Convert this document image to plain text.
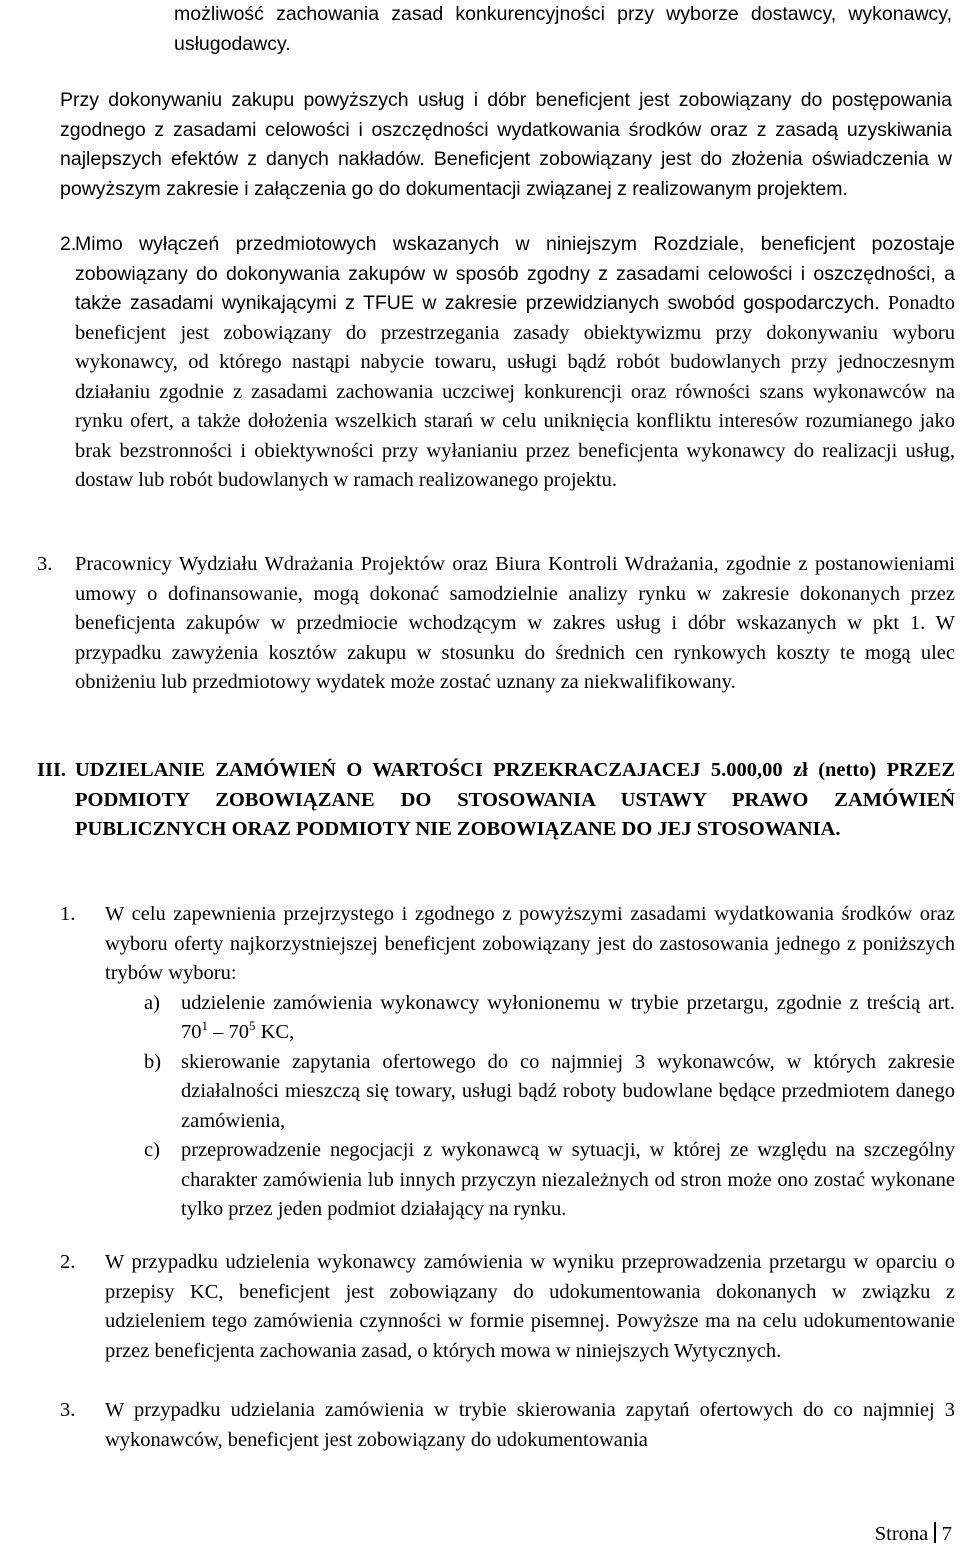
możliwość zachowania zasad konkurencyjności przy wyborze dostawcy, wykonawcy, usługodawcy.

Przy dokonywaniu zakupu powyższych usług i dóbr beneficjent jest zobowiązany do postępowania zgodnego z zasadami celowości i oszczędności wydatkowania środków oraz z zasadą uzyskiwania najlepszych efektów z danych nakładów. Beneficjent zobowiązany jest do złożenia oświadczenia w powyższym zakresie i załączenia go do dokumentacji związanej z realizowanym projektem.

2.
Mimo wyłączeń przedmiotowych wskazanych w niniejszym Rozdziale, beneficjent pozostaje zobowiązany do dokonywania zakupów w sposób zgodny z zasadami celowości i oszczędności, a także zasadami wynikającymi z TFUE w zakresie przewidzianych swobód gospodarczych. Ponadto beneficjent jest zobowiązany do przestrzegania zasady obiektywizmu przy dokonywaniu wyboru wykonawcy, od którego nastąpi nabycie towaru, usługi bądź robót budowlanych przy jednoczesnym działaniu zgodnie z zasadami zachowania uczciwej konkurencji oraz równości szans wykonawców na rynku ofert, a także dołożenia wszelkich starań w celu uniknięcia konfliktu interesów rozumianego jako brak bezstronności i obiektywności przy wyłanianiu przez beneficjenta wykonawcy do realizacji usług, dostaw lub robót budowlanych w ramach realizowanego projektu.
3.	Pracownicy Wydziału Wdrażania Projektów oraz Biura Kontroli Wdrażania, zgodnie z postanowieniami umowy o dofinansowanie, mogą dokonać samodzielnie analizy rynku w zakresie dokonanych przez beneficjenta zakupów w przedmiocie wchodzącym w zakres usług i dóbr wskazanych w pkt 1. W przypadku zawyżenia kosztów zakupu w stosunku do średnich cen rynkowych koszty te mogą ulec obniżeniu lub przedmiotowy wydatek może zostać uznany za niekwalifikowany.
III. UDZIELANIE ZAMÓWIEŃ O WARTOŚCI PRZEKRACZAJACEJ 5.000,00 zł (netto) PRZEZ PODMIOTY ZOBOWIĄZANE DO STOSOWANIA USTAWY PRAWO ZAMÓWIEŃ PUBLICZNYCH ORAZ PODMIOTY NIE ZOBOWIĄZANE DO JEJ STOSOWANIA.
1.	W celu zapewnienia przejrzystego i zgodnego z powyższymi zasadami wydatkowania środków oraz wyboru oferty najkorzystniejszej beneficjent zobowiązany jest do zastosowania jednego z poniższych trybów wyboru:

a)	udzielenie zamówienia wykonawcy wyłonionemu w trybie przetargu, zgodnie z treścią art. $70^1 - 70^5$ KC,
b) skierowanie zapytania ofertowego do co najmniej 3 wykonawców, w których zakresie działalności mieszczą się towary, usługi bądź roboty budowlane będące przedmiotem danego zamówienia,
c)	przeprowadzenie negocjacji z wykonawcą w sytuacji, w której ze względu na szczególny charakter zamówienia lub innych przyczyn niezależnych od stron może ono zostać wykonane tylko przez jeden podmiot działający na rynku.
2.	W przypadku udzielenia wykonawcy zamówienia w wyniku przeprowadzenia przetargu w oparciu o przepisy KC, beneficjent jest zobowiązany do udokumentowania dokonanych w związku z udzieleniem tego zamówienia czynności w formie pisemnej. Powyższe ma na celu udokumentowanie przez beneficjenta zachowania zasad, o których mowa w niniejszych Wytycznych.
3.	W przypadku udzielania zamówienia w trybie skierowania zapytań ofertowych do co najmniej 3 wykonawców, beneficjent jest zobowiązany do udokumentowania
Strona 7
